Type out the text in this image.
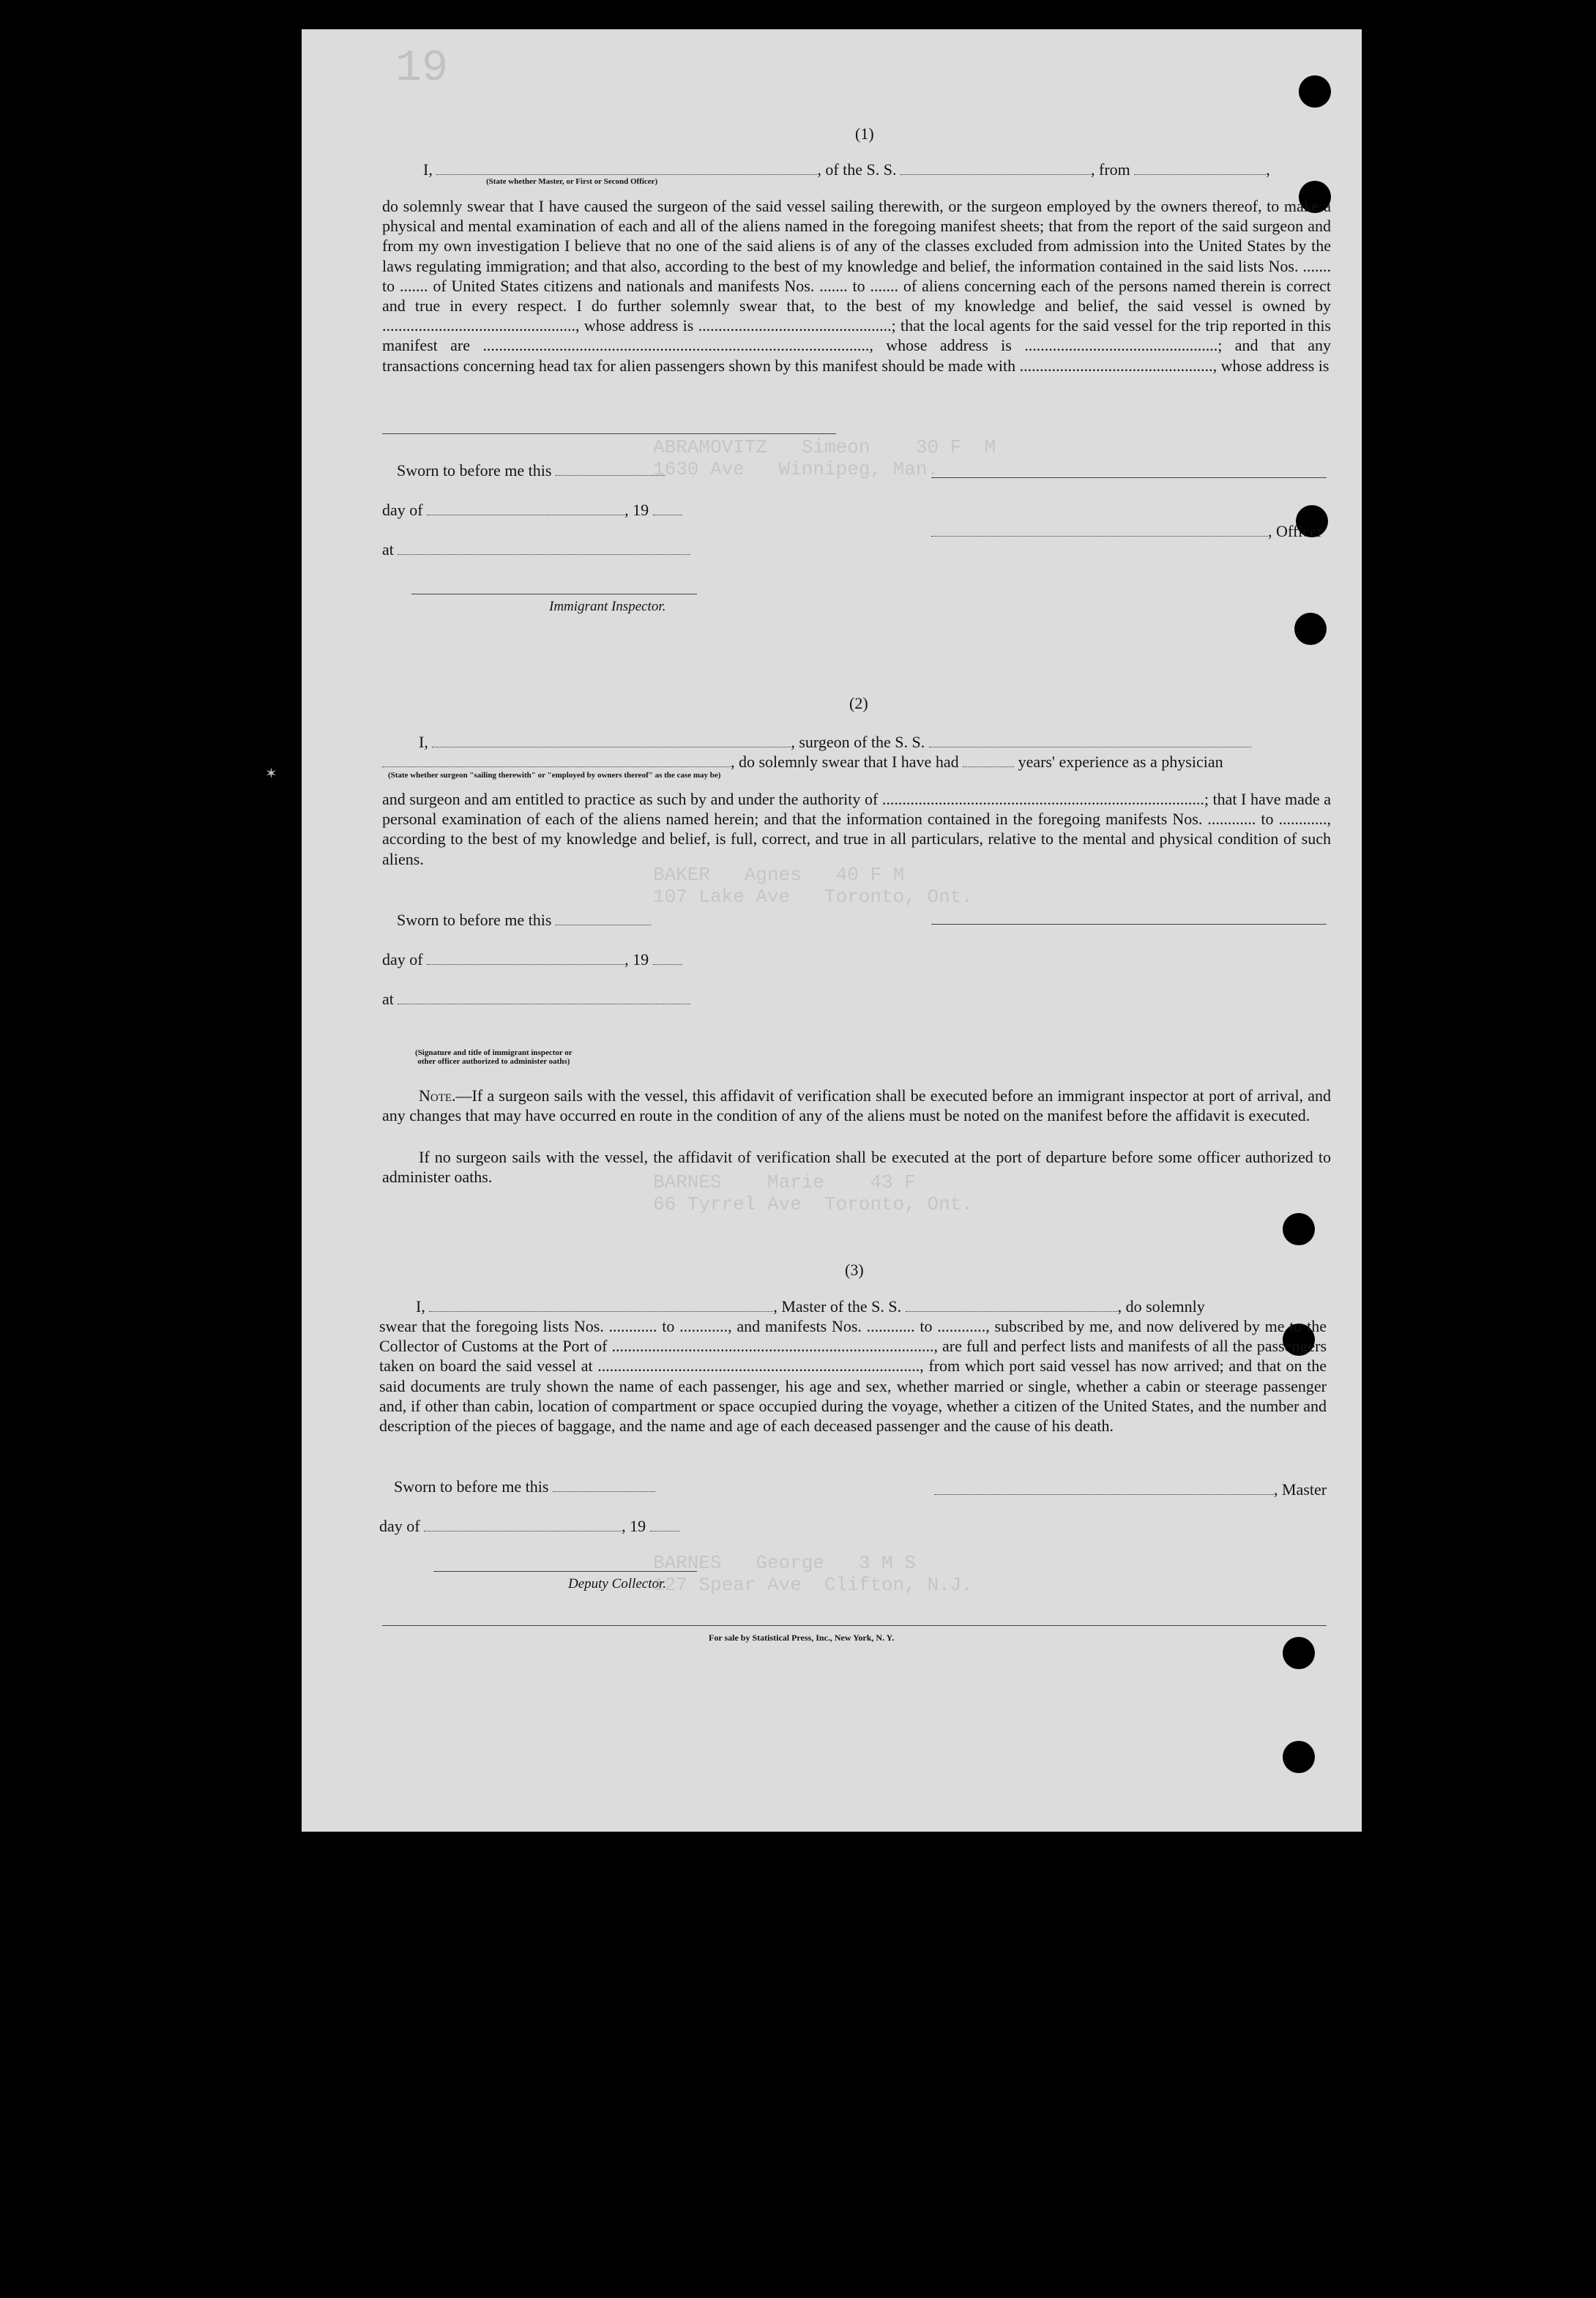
19
ABRAMOVITZ   Simeon    30 F  M
1630 Ave   Winnipeg, Man.
BAKER   Agnes   40 F M
107 Lake Ave   Toronto, Ont.
BARNES    Marie    43 F
66 Tyrrel Ave  Toronto, Ont.
BARNES   George   3 M S
127 Spear Ave  Clifton, N.J.
(1)
I,	, of the S. S.	, from	,
(State whether Master, or First or Second Officer)
do solemnly swear that I have caused the surgeon of the said vessel sailing therewith, or the surgeon employed by the owners thereof, to make a physical and mental examination of each and all of the aliens named in the foregoing manifest sheets; that from the report of the said surgeon and from my own investigation I believe that no one of the said aliens is of any of the classes excluded from admission into the United States by the laws regulating immigration; and that also, according to the best of my knowledge and belief, the information contained in the said lists Nos. ....... to ....... of United States citizens and nationals and manifests Nos. ....... to ....... of aliens concerning each of the persons named therein is correct and true in every respect. I do further solemnly swear that, to the best of my knowledge and belief, the said vessel is owned by ................................................, whose address is ................................................; that the local agents for the said vessel for the trip reported in this manifest are ................................................................................................, whose address is ................................................; and that any transactions concerning head tax for alien passengers shown by this manifest should be made with ................................................, whose address is
Sworn to before me this
day of	, 19
at
Immigrant Inspector.
, Officer
(2)
I,	, surgeon of the S. S.
, do solemnly swear that I have had	years' experience as a physician
(State whether surgeon "sailing therewith" or "employed by owners thereof" as the case may be)
and surgeon and am entitled to practice as such by and under the authority of ................................................................................; that I have made a personal examination of each of the aliens named herein; and that the information contained in the foregoing manifests Nos. ............ to ............, according to the best of my knowledge and belief, is full, correct, and true in all particulars, relative to the mental and physical condition of such aliens.
Sworn to before me this
day of	, 19
at
(Signature and title of immigrant inspector or
other officer authorized to administer oaths)
Note.—If a surgeon sails with the vessel, this affidavit of verification shall be executed before an immigrant inspector at port of arrival, and any changes that may have occurred en route in the condition of any of the aliens must be noted on the manifest before the affidavit is executed.
If no surgeon sails with the vessel, the affidavit of verification shall be executed at the port of departure before some officer authorized to administer oaths.
(3)
I,	, Master of the S. S.	, do solemnly
swear that the foregoing lists Nos. ............ to ............, and manifests Nos. ............ to ............, subscribed by me, and now delivered by me to the Collector of Customs at the Port of ................................................................................, are full and perfect lists and manifests of all the passengers taken on board the said vessel at ................................................................................, from which port said vessel has now arrived; and that on the said documents are truly shown the name of each passenger, his age and sex, whether married or single, whether a cabin or steerage passenger and, if other than cabin, location of compartment or space occupied during the voyage, whether a citizen of the United States, and the number and description of the pieces of baggage, and the name and age of each deceased passenger and the cause of his death.
Sworn to before me this
day of	, 19
Deputy Collector.
, Master
For sale by Statistical Press, Inc., New York, N. Y.
✶
